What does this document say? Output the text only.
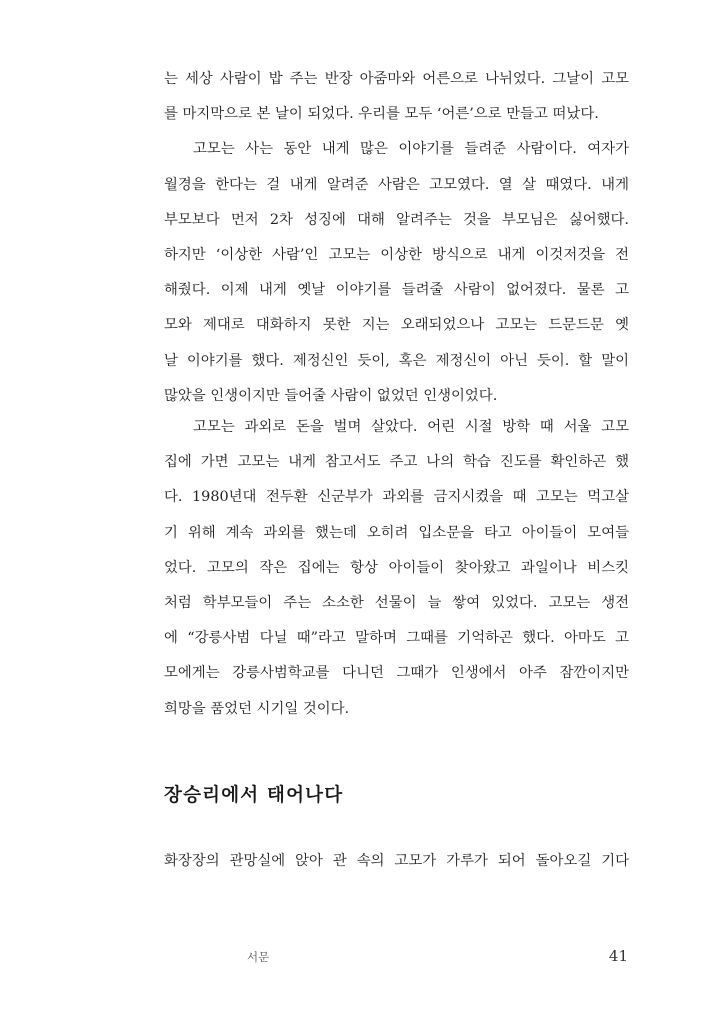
는 세상 사람이 밥 주는 반장 아줌마와 어른으로 나뉘었다. 그날이 고모
를 마지막으로 본 날이 되었다. 우리를 모두 ‘어른’으로 만들고 떠났다.

고모는 사는 동안 내게 많은 이야기를 들려준 사람이다. 여자가
월경을 한다는 걸 내게 알려준 사람은 고모였다. 열 살 때였다. 내게
부모보다 먼저 2차 성징에 대해 알려주는 것을 부모님은 싫어했다.
하지만 ‘이상한 사람’인 고모는 이상한 방식으로 내게 이것저것을 전
해줬다. 이제 내게 옛날 이야기를 들려줄 사람이 없어졌다. 물론 고
모와 제대로 대화하지 못한 지는 오래되었으나 고모는 드문드문 옛
날 이야기를 했다. 제정신인 듯이, 혹은 제정신이 아닌 듯이. 할 말이
많았을 인생이지만 들어줄 사람이 없었던 인생이었다.

고모는 과외로 돈을 벌며 살았다. 어린 시절 방학 때 서울 고모
집에 가면 고모는 내게 참고서도 주고 나의 학습 진도를 확인하곤 했
다. 1980년대 전두환 신군부가 과외를 금지시켰을 때 고모는 먹고살
기 위해 계속 과외를 했는데 오히려 입소문을 타고 아이들이 모여들
었다. 고모의 작은 집에는 항상 아이들이 찾아왔고 과일이나 비스킷
처럼 학부모들이 주는 소소한 선물이 늘 쌓여 있었다. 고모는 생전
에 “강릉사범 다닐 때”라고 말하며 그때를 기억하곤 했다. 아마도 고
모에게는 강릉사범학교를 다니던 그때가 인생에서 아주 잠깐이지만
희망을 품었던 시기일 것이다.

장승리에서 태어나다
화장장의 관망실에 앉아 관 속의 고모가 가루가 되어 돌아오길 기다
서문	41
